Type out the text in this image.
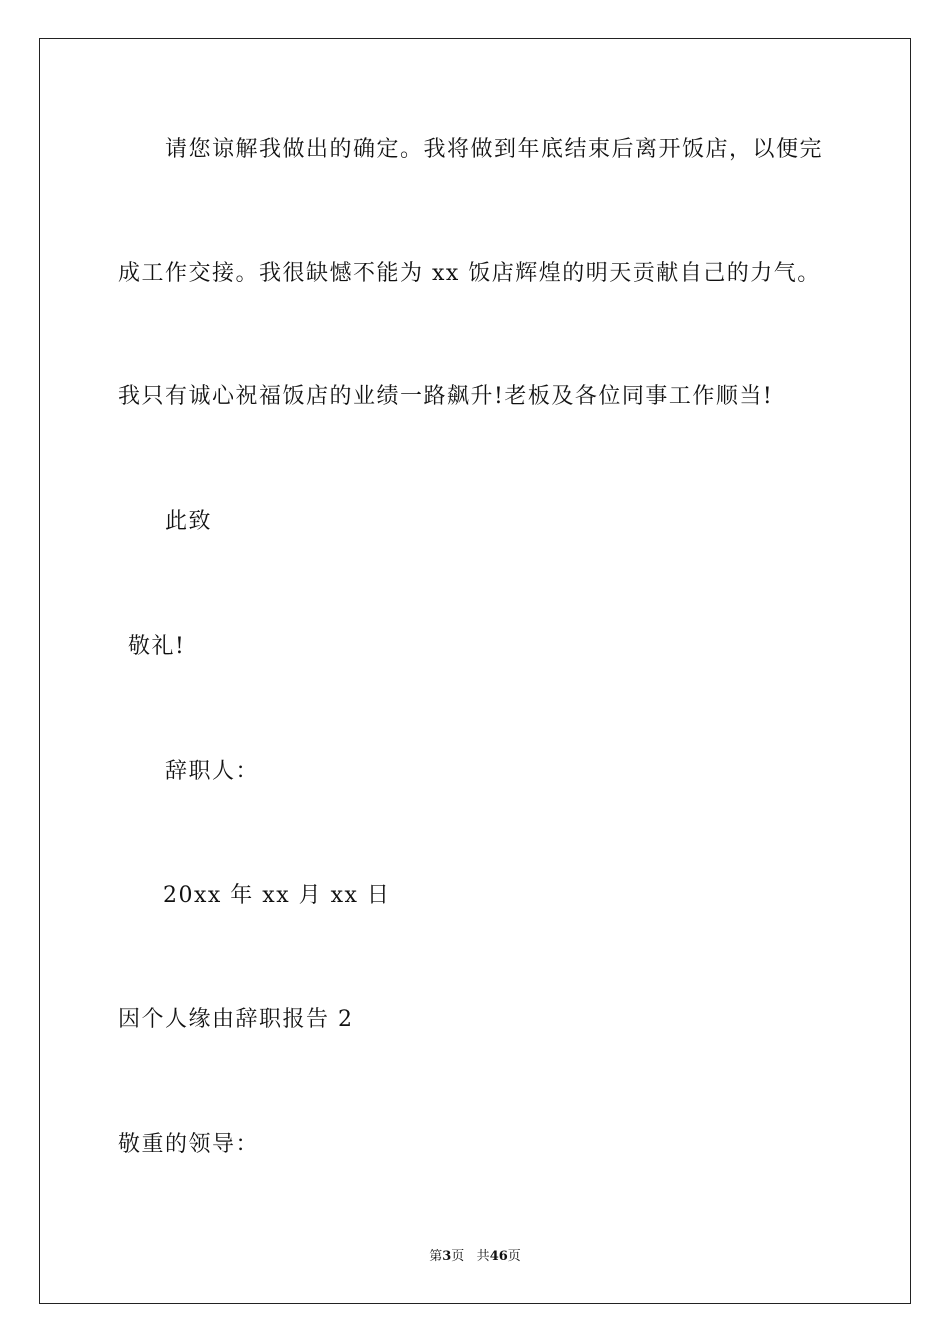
请您谅解我做出的确定。我将做到年底结束后离开饭店，以便完
成工作交接。我很缺憾不能为 xx 饭店辉煌的明天贡献自己的力气。
我只有诚心祝福饭店的业绩一路飙升!老板及各位同事工作顺当!
此致
敬礼!
辞职人：
20xx 年 xx 月 xx 日
因个人缘由辞职报告 2
敬重的领导：
第3页 共46页
